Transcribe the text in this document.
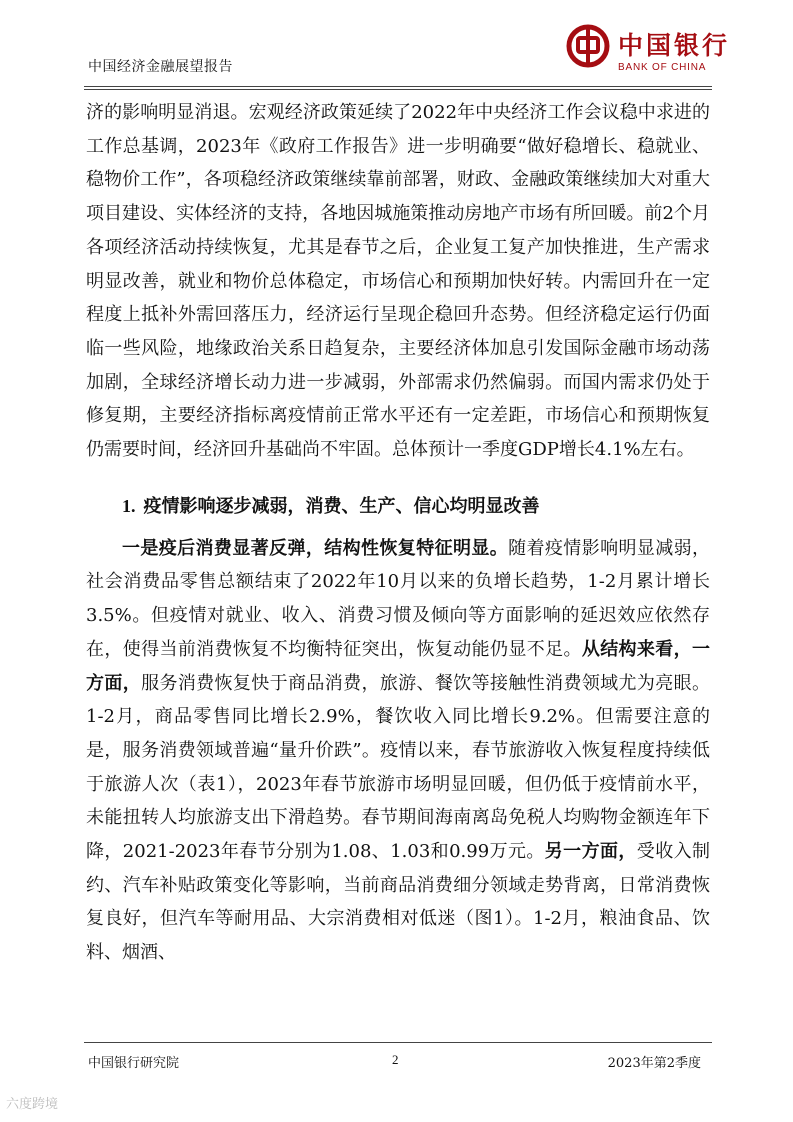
中国经济金融展望报告
中国银行
BANK OF CHINA

济的影响明显消退。宏观经济政策延续了2022年中央经济工作会议稳中求进的工作总基调，2023年《政府工作报告》进一步明确要“做好稳增长、稳就业、稳物价工作”，各项稳经济政策继续靠前部署，财政、金融政策继续加大对重大项目建设、实体经济的支持，各地因城施策推动房地产市场有所回暖。前2个月各项经济活动持续恢复，尤其是春节之后，企业复工复产加快推进，生产需求明显改善，就业和物价总体稳定，市场信心和预期加快好转。内需回升在一定程度上抵补外需回落压力，经济运行呈现企稳回升态势。但经济稳定运行仍面临一些风险，地缘政治关系日趋复杂，主要经济体加息引发国际金融市场动荡加剧，全球经济增长动力进一步减弱，外部需求仍然偏弱。而国内需求仍处于修复期，主要经济指标离疫情前正常水平还有一定差距，市场信心和预期恢复仍需要时间，经济回升基础尚不牢固。总体预计一季度GDP增长4.1%左右。

1. 疫情影响逐步减弱，消费、生产、信心均明显改善

一是疫后消费显著反弹，结构性恢复特征明显。随着疫情影响明显减弱，社会消费品零售总额结束了2022年10月以来的负增长趋势，1-2月累计增长3.5%。但疫情对就业、收入、消费习惯及倾向等方面影响的延迟效应依然存在，使得当前消费恢复不均衡特征突出，恢复动能仍显不足。从结构来看，一方面，服务消费恢复快于商品消费，旅游、餐饮等接触性消费领域尤为亮眼。1-2月，商品零售同比增长2.9%，餐饮收入同比增长9.2%。但需要注意的是，服务消费领域普遍“量升价跌”。疫情以来，春节旅游收入恢复程度持续低于旅游人次（表1），2023年春节旅游市场明显回暖，但仍低于疫情前水平，未能扭转人均旅游支出下滑趋势。春节期间海南离岛免税人均购物金额连年下降，2021-2023年春节分别为1.08、1.03和0.99万元。另一方面，受收入制约、汽车补贴政策变化等影响，当前商品消费细分领域走势背离，日常消费恢复良好，但汽车等耐用品、大宗消费相对低迷（图1）。1-2月，粮油食品、饮料、烟酒、

中国银行研究院	2	2023年第2季度
六度跨境
